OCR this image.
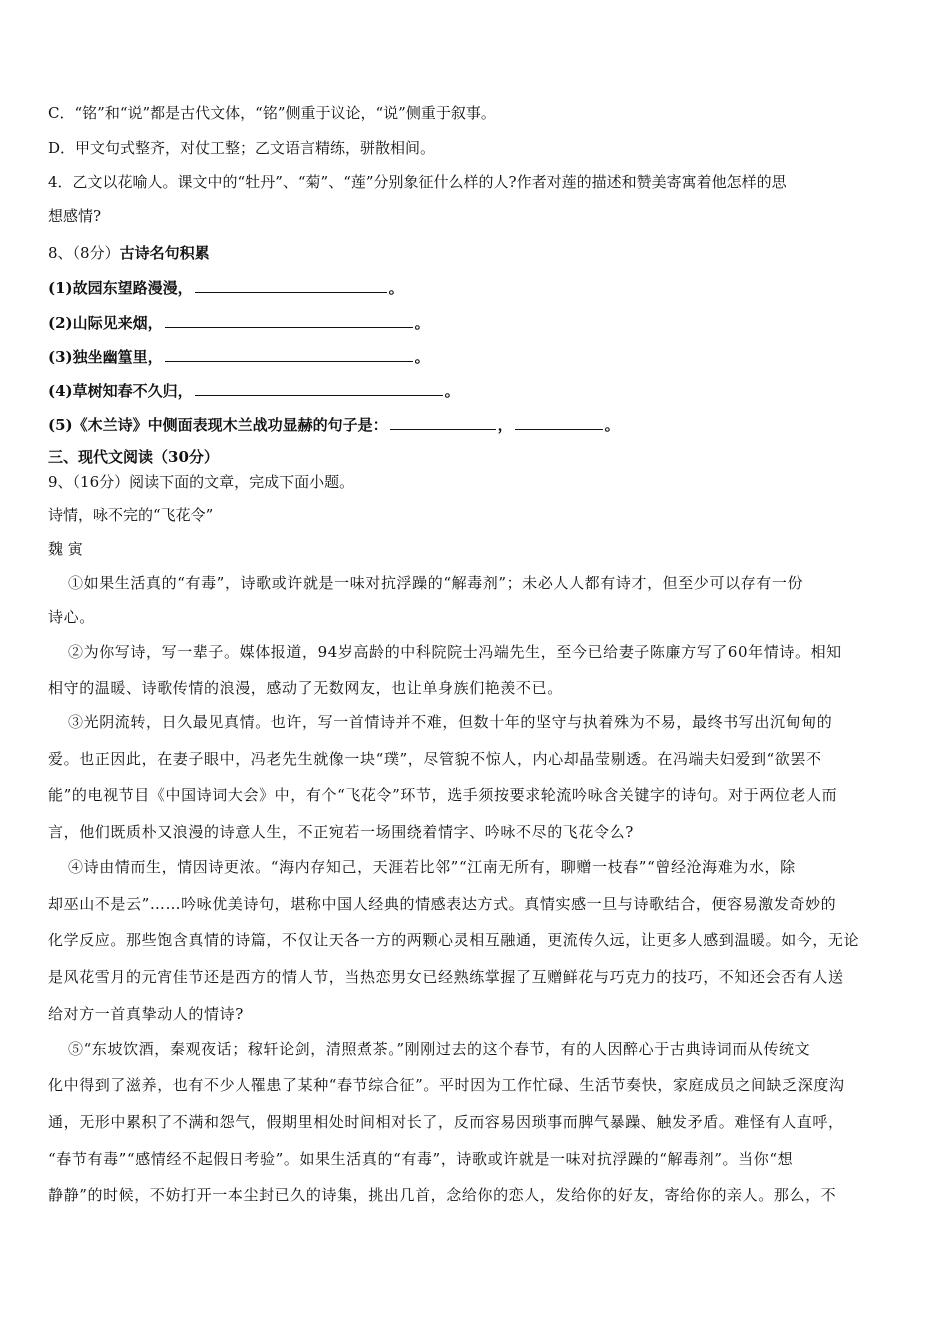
C．“铭”和“说”都是古代文体，“铭”侧重于议论，“说”侧重于叙事。
D．甲文句式整齐，对仗工整；乙文语言精练，骈散相间。
4．乙文以花喻人。课文中的“牡丹”、“菊”、“莲”分别象征什么样的人?作者对莲的描述和赞美寄寓着他怎样的思
想感情?
8、（8分）古诗名句积累
(1)故园东望路漫漫，	。
(2)山际见来烟，	。
(3)独坐幽篁里，	。
(4)草树知春不久归，	。
(5)《木兰诗》中侧面表现木兰战功显赫的句子是：	，	。
三、现代文阅读（30分）
9、（16分）阅读下面的文章，完成下面小题。
诗情，咏不完的“飞花令”
魏 寅
①如果生活真的“有毒”，诗歌或许就是一味对抗浮躁的“解毒剂”；未必人人都有诗才，但至少可以存有一份
诗心。
②为你写诗，写一辈子。媒体报道，94岁高龄的中科院院士冯端先生，至今已给妻子陈廉方写了60年情诗。相知
相守的温暖、诗歌传情的浪漫，感动了无数网友，也让单身族们艳羡不已。
③光阴流转，日久最见真情。也许，写一首情诗并不难，但数十年的坚守与执着殊为不易，最终书写出沉甸甸的
爱。也正因此，在妻子眼中，冯老先生就像一块“璞”，尽管貌不惊人，内心却晶莹剔透。在冯端夫妇爱到“欲罢不
能”的电视节目《中国诗词大会》中，有个“飞花令”环节，选手须按要求轮流吟咏含关键字的诗句。对于两位老人而
言，他们既质朴又浪漫的诗意人生，不正宛若一场围绕着情字、吟咏不尽的飞花令么?
④诗由情而生，情因诗更浓。“海内存知己，天涯若比邻”“江南无所有，聊赠一枝春”“曾经沧海难为水，除
却巫山不是云”……吟咏优美诗句，堪称中国人经典的情感表达方式。真情实感一旦与诗歌结合，便容易激发奇妙的
化学反应。那些饱含真情的诗篇，不仅让天各一方的两颗心灵相互融通，更流传久远，让更多人感到温暖。如今，无论
是风花雪月的元宵佳节还是西方的情人节，当热恋男女已经熟练掌握了互赠鲜花与巧克力的技巧，不知还会否有人送
给对方一首真挚动人的情诗?
⑤“东坡饮酒，秦观夜话；稼轩论剑，清照煮茶。”刚刚过去的这个春节，有的人因醉心于古典诗词而从传统文
化中得到了滋养，也有不少人罹患了某种“春节综合征”。平时因为工作忙碌、生活节奏快，家庭成员之间缺乏深度沟
通，无形中累积了不满和怨气，假期里相处时间相对长了，反而容易因琐事而脾气暴躁、触发矛盾。难怪有人直呼，
“春节有毒”“感情经不起假日考验”。如果生活真的“有毒”，诗歌或许就是一味对抗浮躁的“解毒剂”。当你“想
静静”的时候，不妨打开一本尘封已久的诗集，挑出几首，念给你的恋人，发给你的好友，寄给你的亲人。那么，不
